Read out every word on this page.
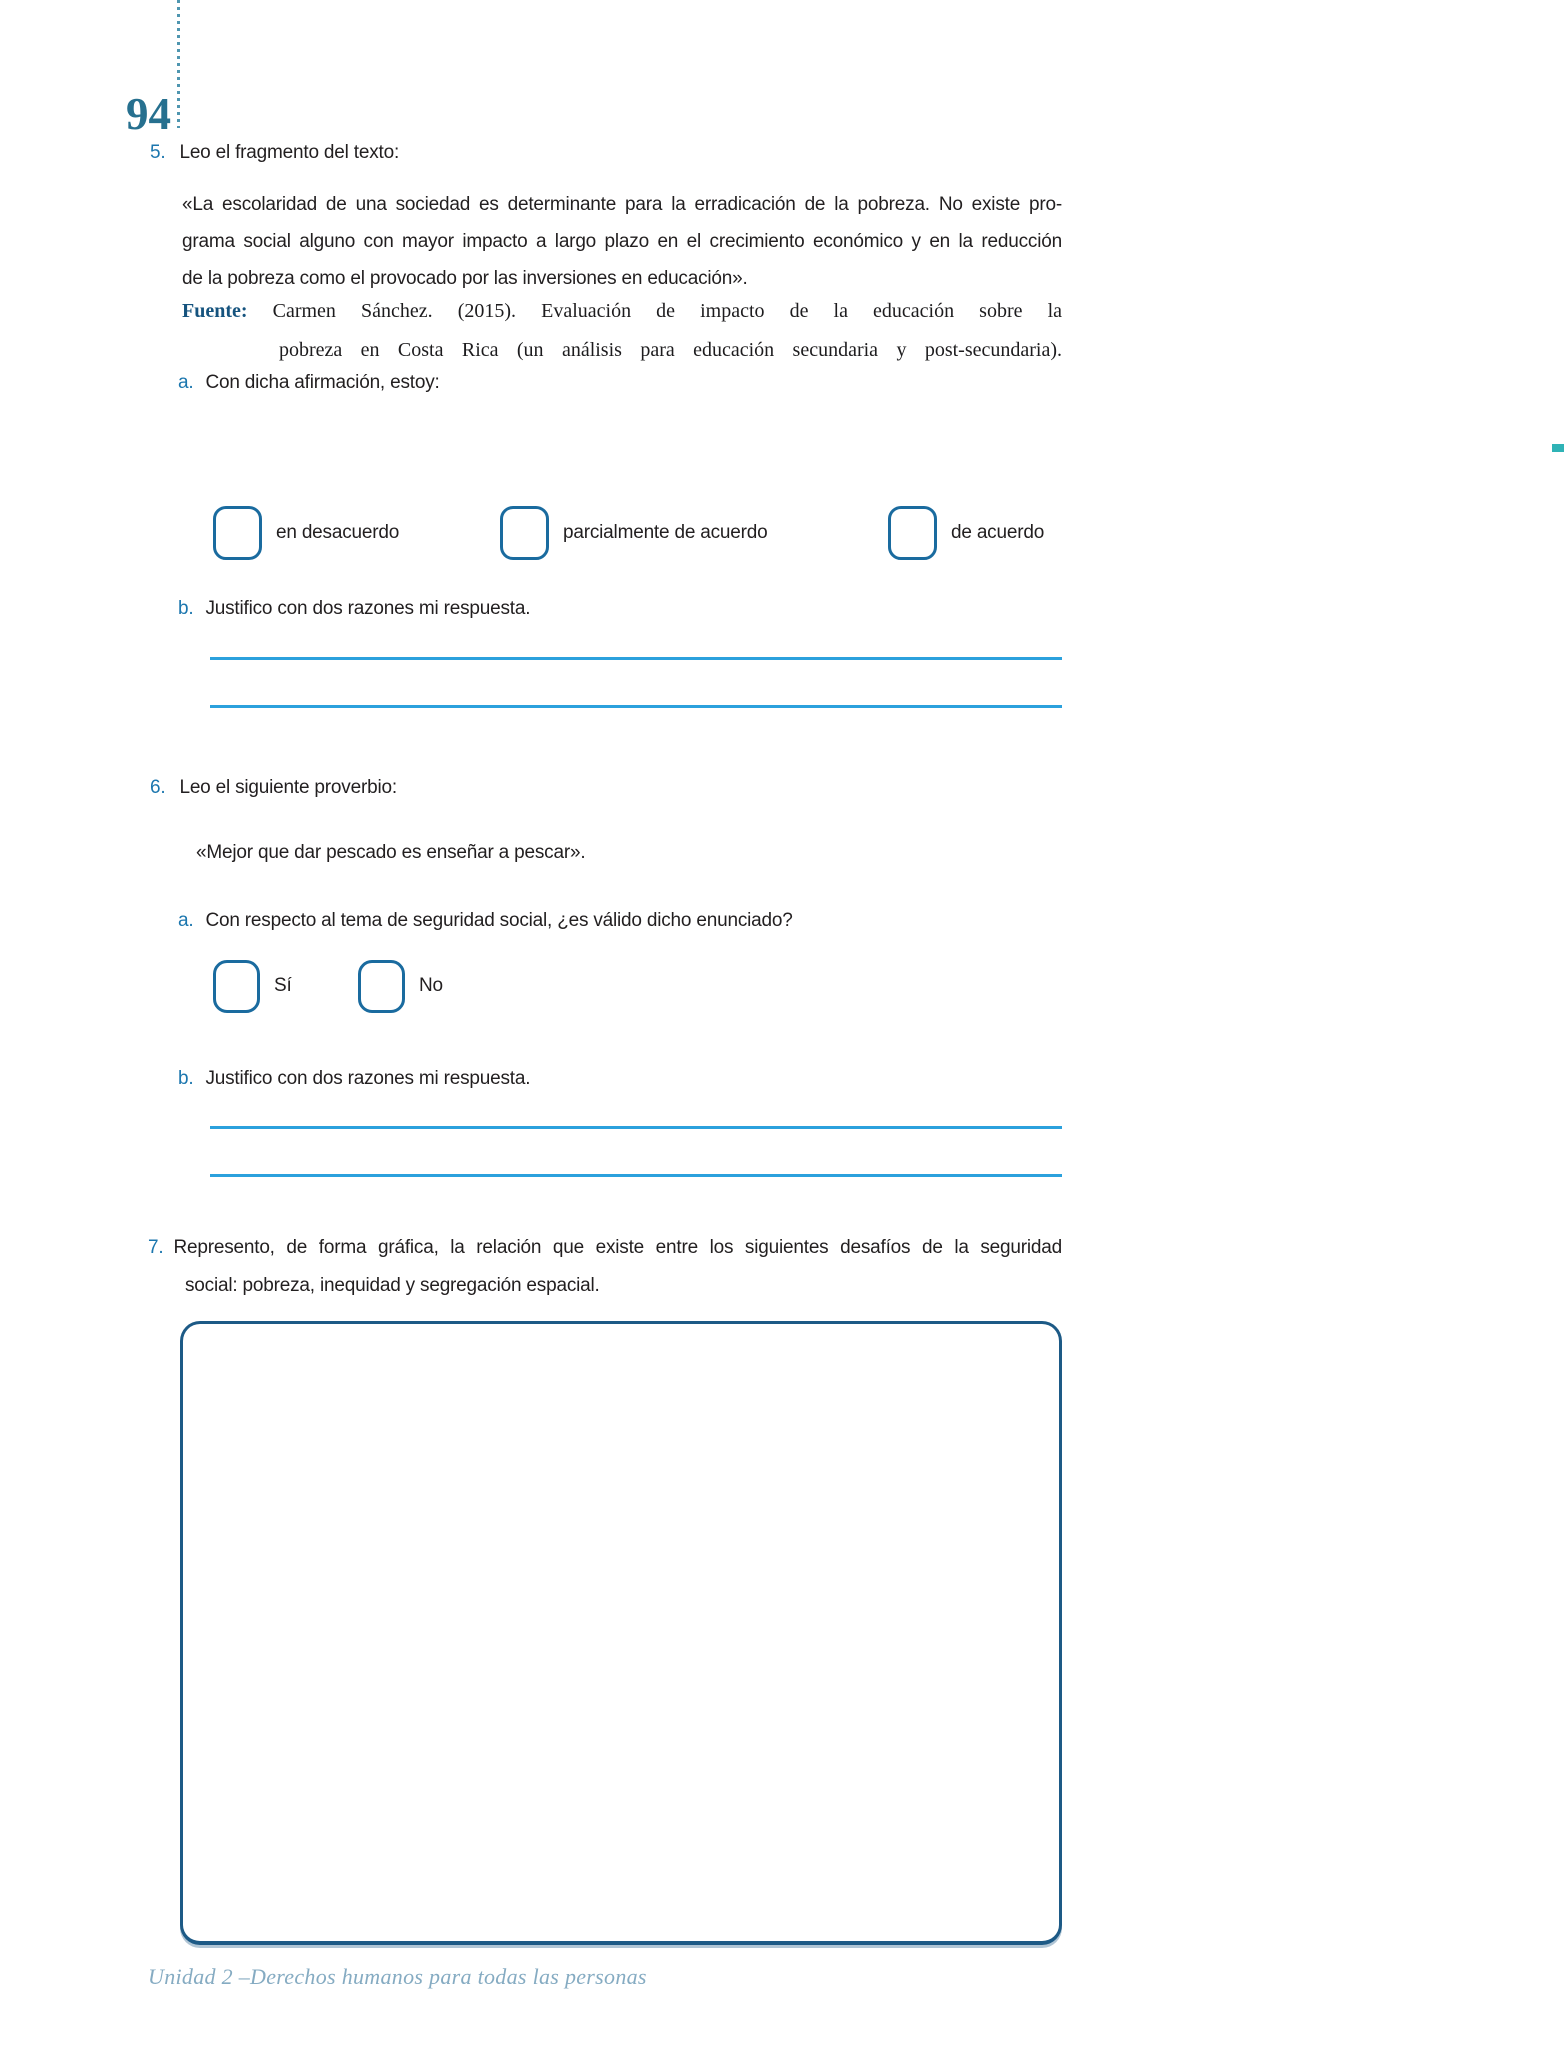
94
5. Leo el fragmento del texto:
«La escolaridad de una sociedad es determinante para la erradicación de la pobreza. No existe pro-
grama social alguno con mayor impacto a largo plazo en el crecimiento económico y en la reducción
de la pobreza como el provocado por las inversiones en educación».
Fuente: Carmen Sánchez. (2015). Evaluación de impacto de la educación sobre la
pobreza en Costa Rica (un análisis para educación secundaria y post-secundaria).
a. Con dicha afirmación, estoy:
en desacuerdo	parcialmente de acuerdo	de acuerdo
b. Justifico con dos razones mi respuesta.
6. Leo el siguiente proverbio:
«Mejor que dar pescado es enseñar a pescar».
a. Con respecto al tema de seguridad social, ¿es válido dicho enunciado?
Sí	No
b. Justifico con dos razones mi respuesta.
7. Represento, de forma gráfica, la relación que existe entre los siguientes desafíos de la seguridad
social: pobreza, inequidad y segregación espacial.
Unidad 2 –Derechos humanos para todas las personas
